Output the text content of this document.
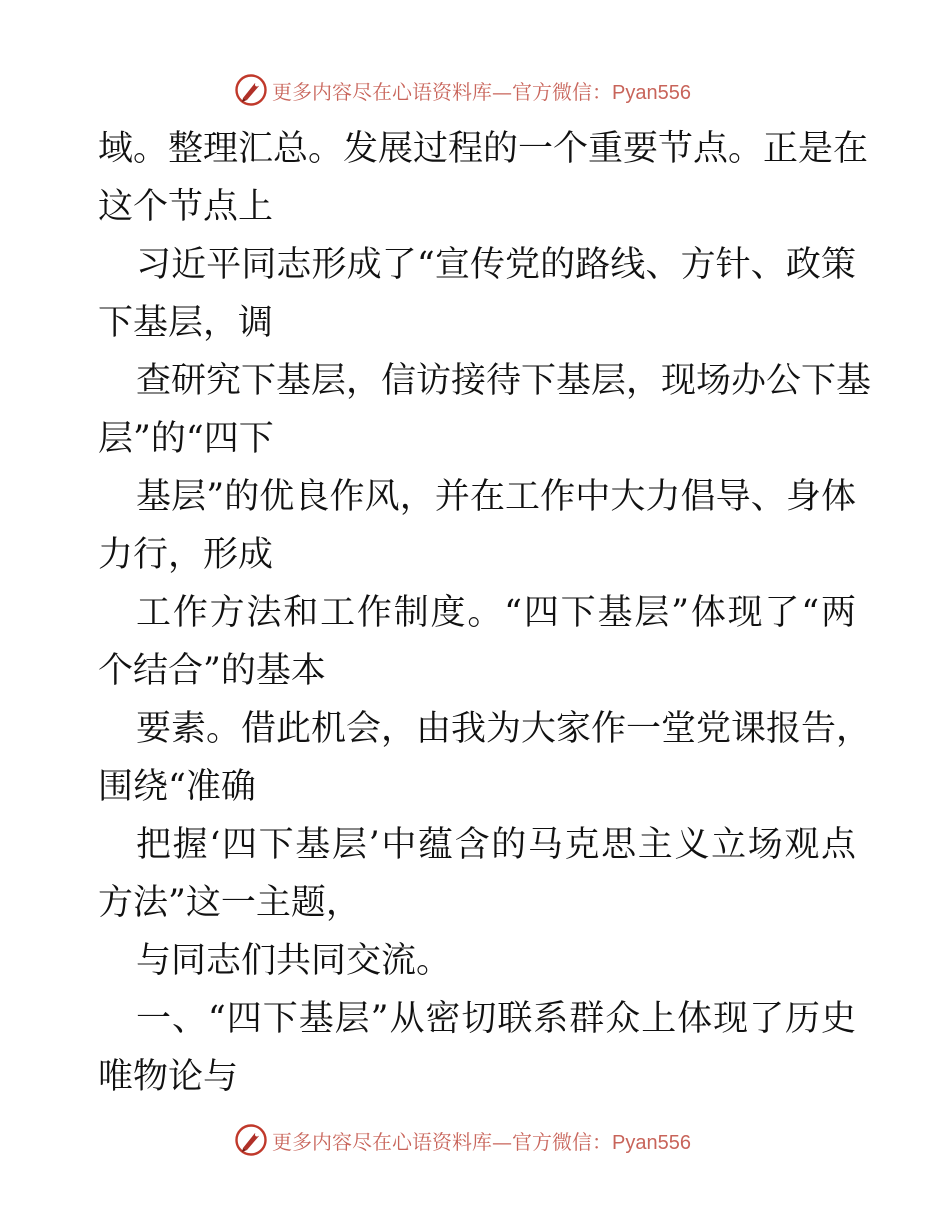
更多内容尽在心语资料库—官方微信：Pyan556

域。整理汇总。发展过程的一个重要节点。正是在

这个节点上

习近平同志形成了“宣传党的路线、方针、政策

下基层，调

查研究下基层，信访接待下基层，现场办公下基

层”的“四下

基层”的优良作风，并在工作中大力倡导、身体

力行，形成

工作方法和工作制度。“四下基层”体现了“两

个结合”的基本

要素。借此机会，由我为大家作一堂党课报告，

围绕“准确

把握‘四下基层’中蕴含的马克思主义立场观点

方法”这一主题，

与同志们共同交流。

一、“四下基层”从密切联系群众上体现了历史

唯物论与

更多内容尽在心语资料库—官方微信：Pyan556
